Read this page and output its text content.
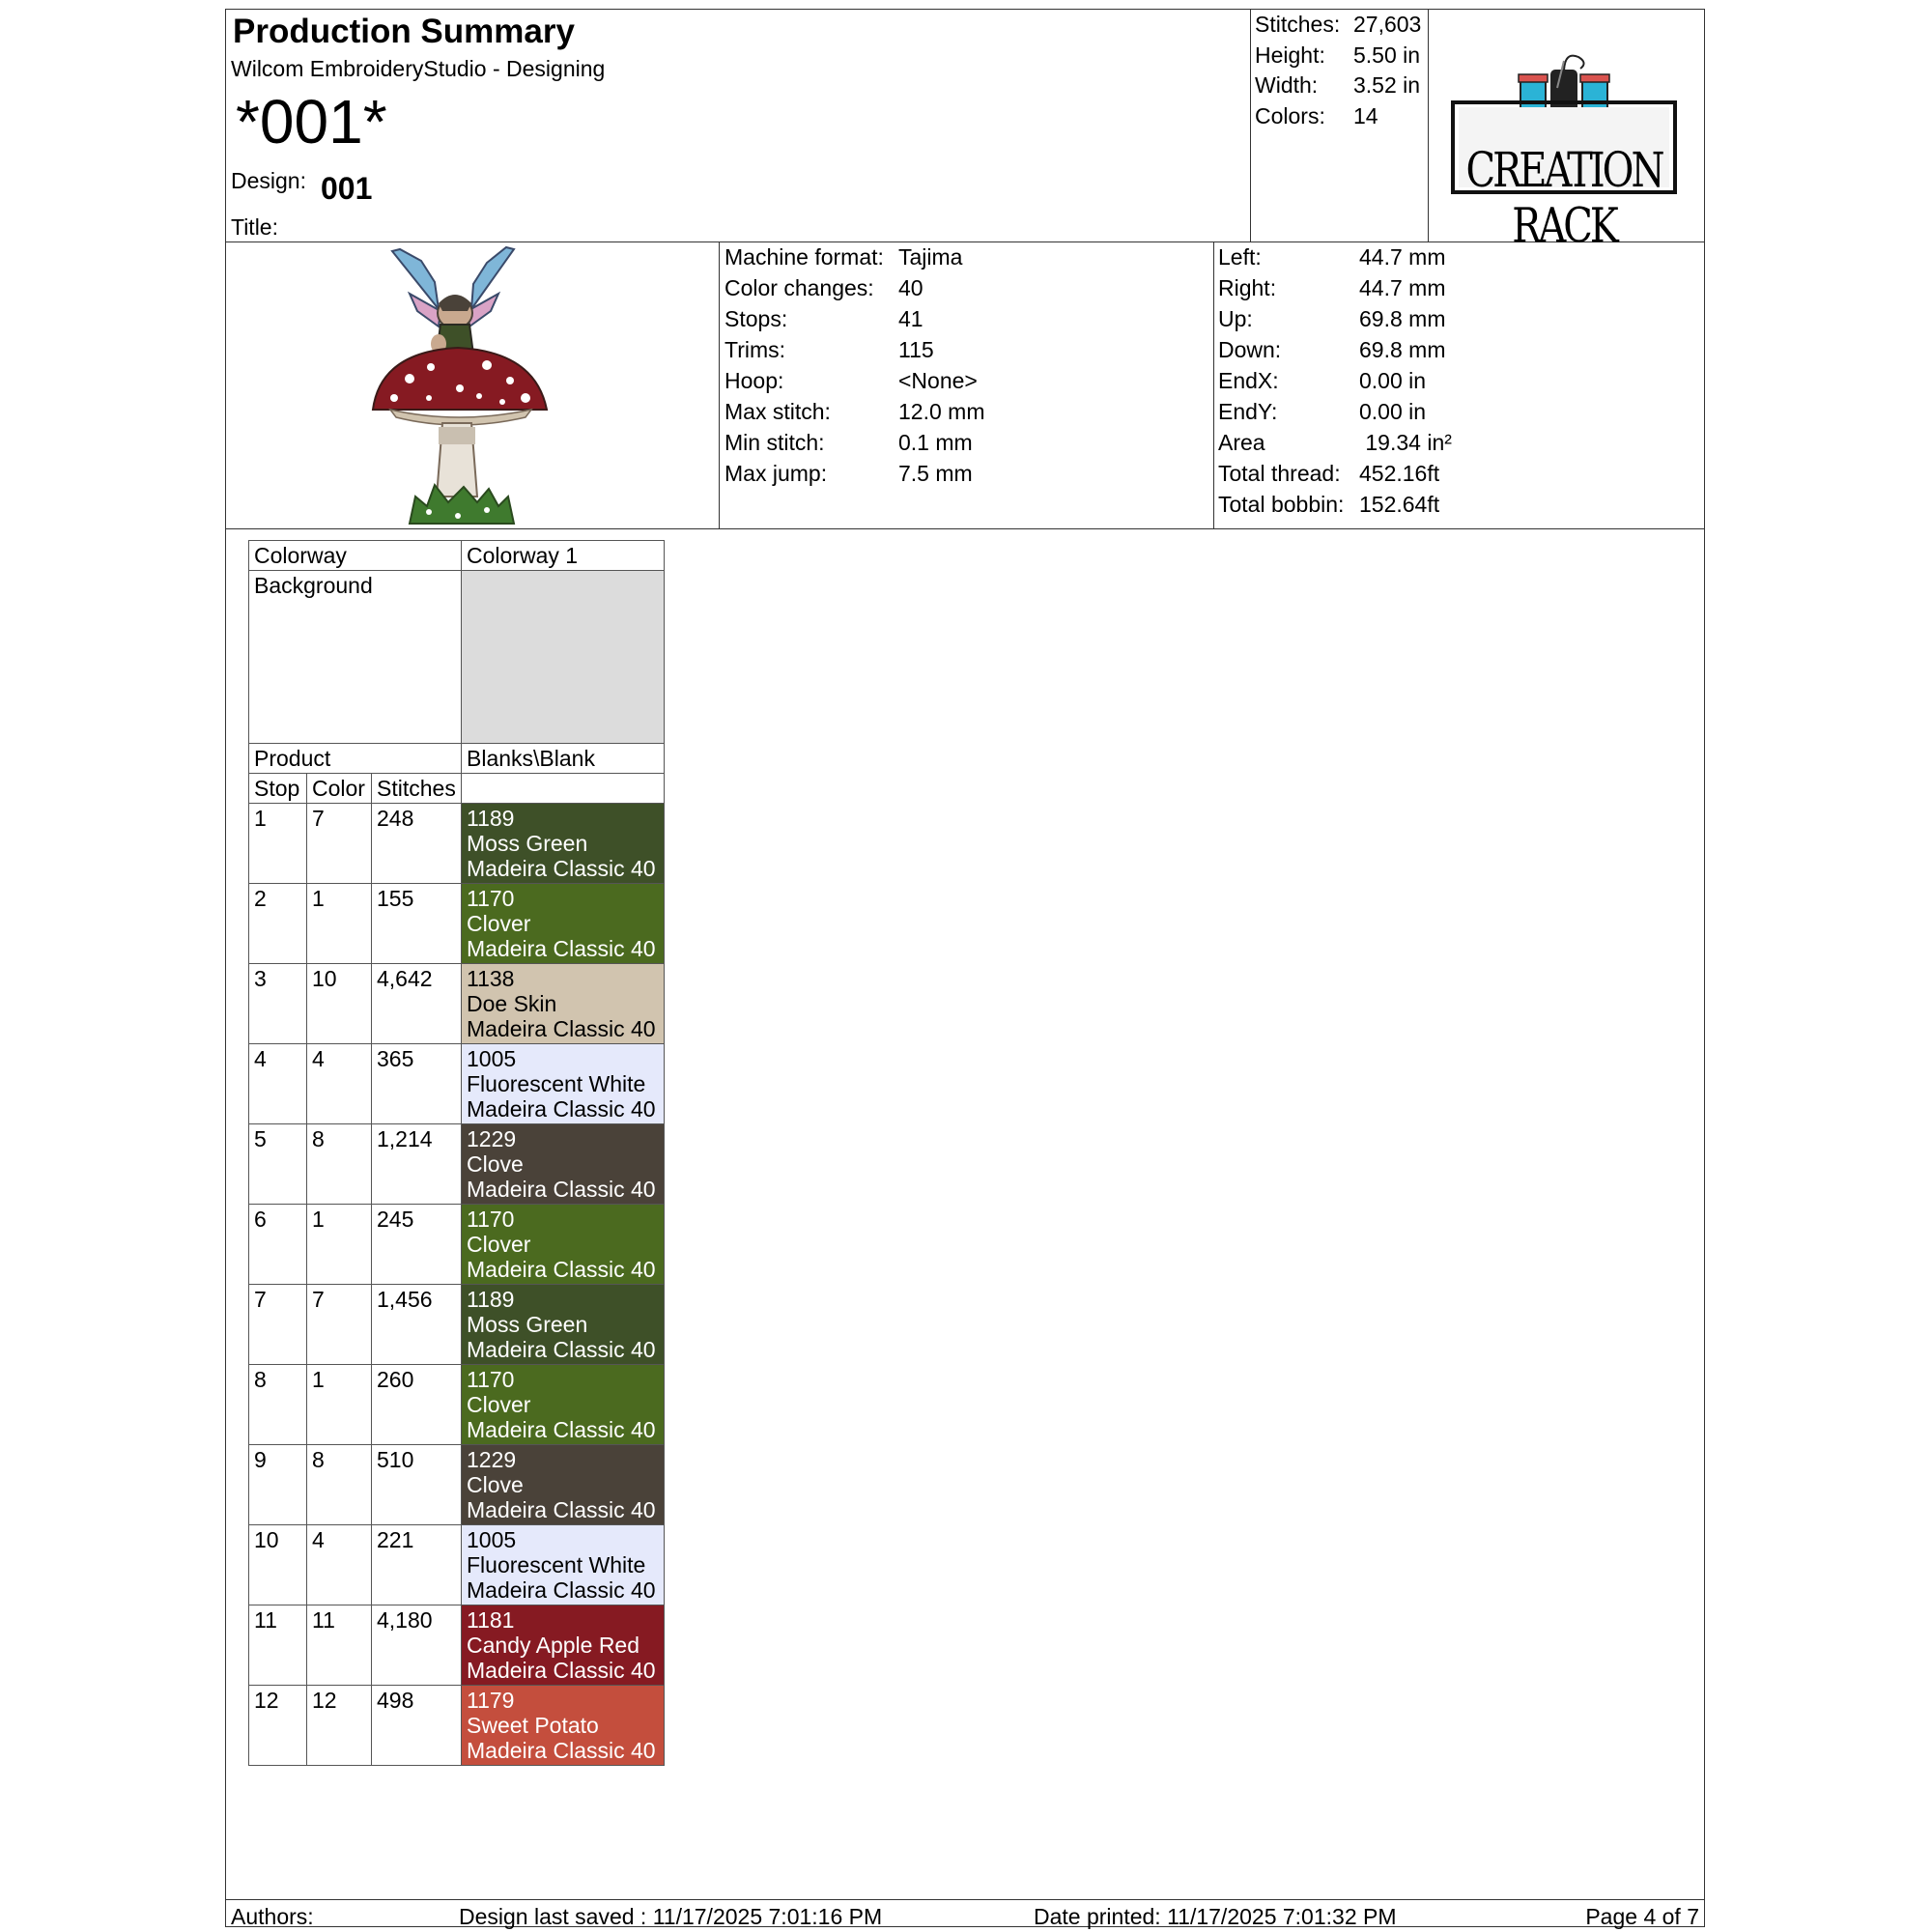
Production Summary
Wilcom EmbroideryStudio - Designing
*001*
Design: 001
Title:
Stitches: 27,603
Height: 5.50 in
Width: 3.52 in
Colors: 14
CREATION RACK
Machine format: Tajima
Color changes: 40
Stops:	41
Trims:	115
Hoop:	<None>
Max stitch:	12.0 mm
Min stitch:	0.1 mm
Max jump:	7.5 mm
Left:	44.7 mm
Right:	44.7 mm
Up:	69.8 mm
Down:	69.8 mm
EndX:	0.00 in
EndY:	0.00 in
Area	19.34 in²
Total thread: 452.16ft
Total bobbin: 152.64ft
Colorway			Colorway 1
Background			
Product			Blanks\Blank
Stop	Color	Stitches	
1	7	248	1189
Moss Green
Madeira Classic 40

2	1	155	1170
Clover
Madeira Classic 40

3	10	4,642	1138
Doe Skin
Madeira Classic 40

4	4	365	1005
Fluorescent White
Madeira Classic 40

5	8	1,214	1229
Clove
Madeira Classic 40

6	1	245	1170
Clover
Madeira Classic 40

7	7	1,456	1189
Moss Green
Madeira Classic 40

8	1	260	1170
Clover
Madeira Classic 40

9	8	510	1229
Clove
Madeira Classic 40

10	4	221	1005
Fluorescent White
Madeira Classic 40

11	11	4,180	1181
Candy Apple Red
Madeira Classic 40

12	12	498	1179
Sweet Potato
Madeira Classic 40
Authors:	Design last saved : 11/17/2025 7:01:16 PM	Date printed: 11/17/2025 7:01:32 PM	Page 4 of 7
